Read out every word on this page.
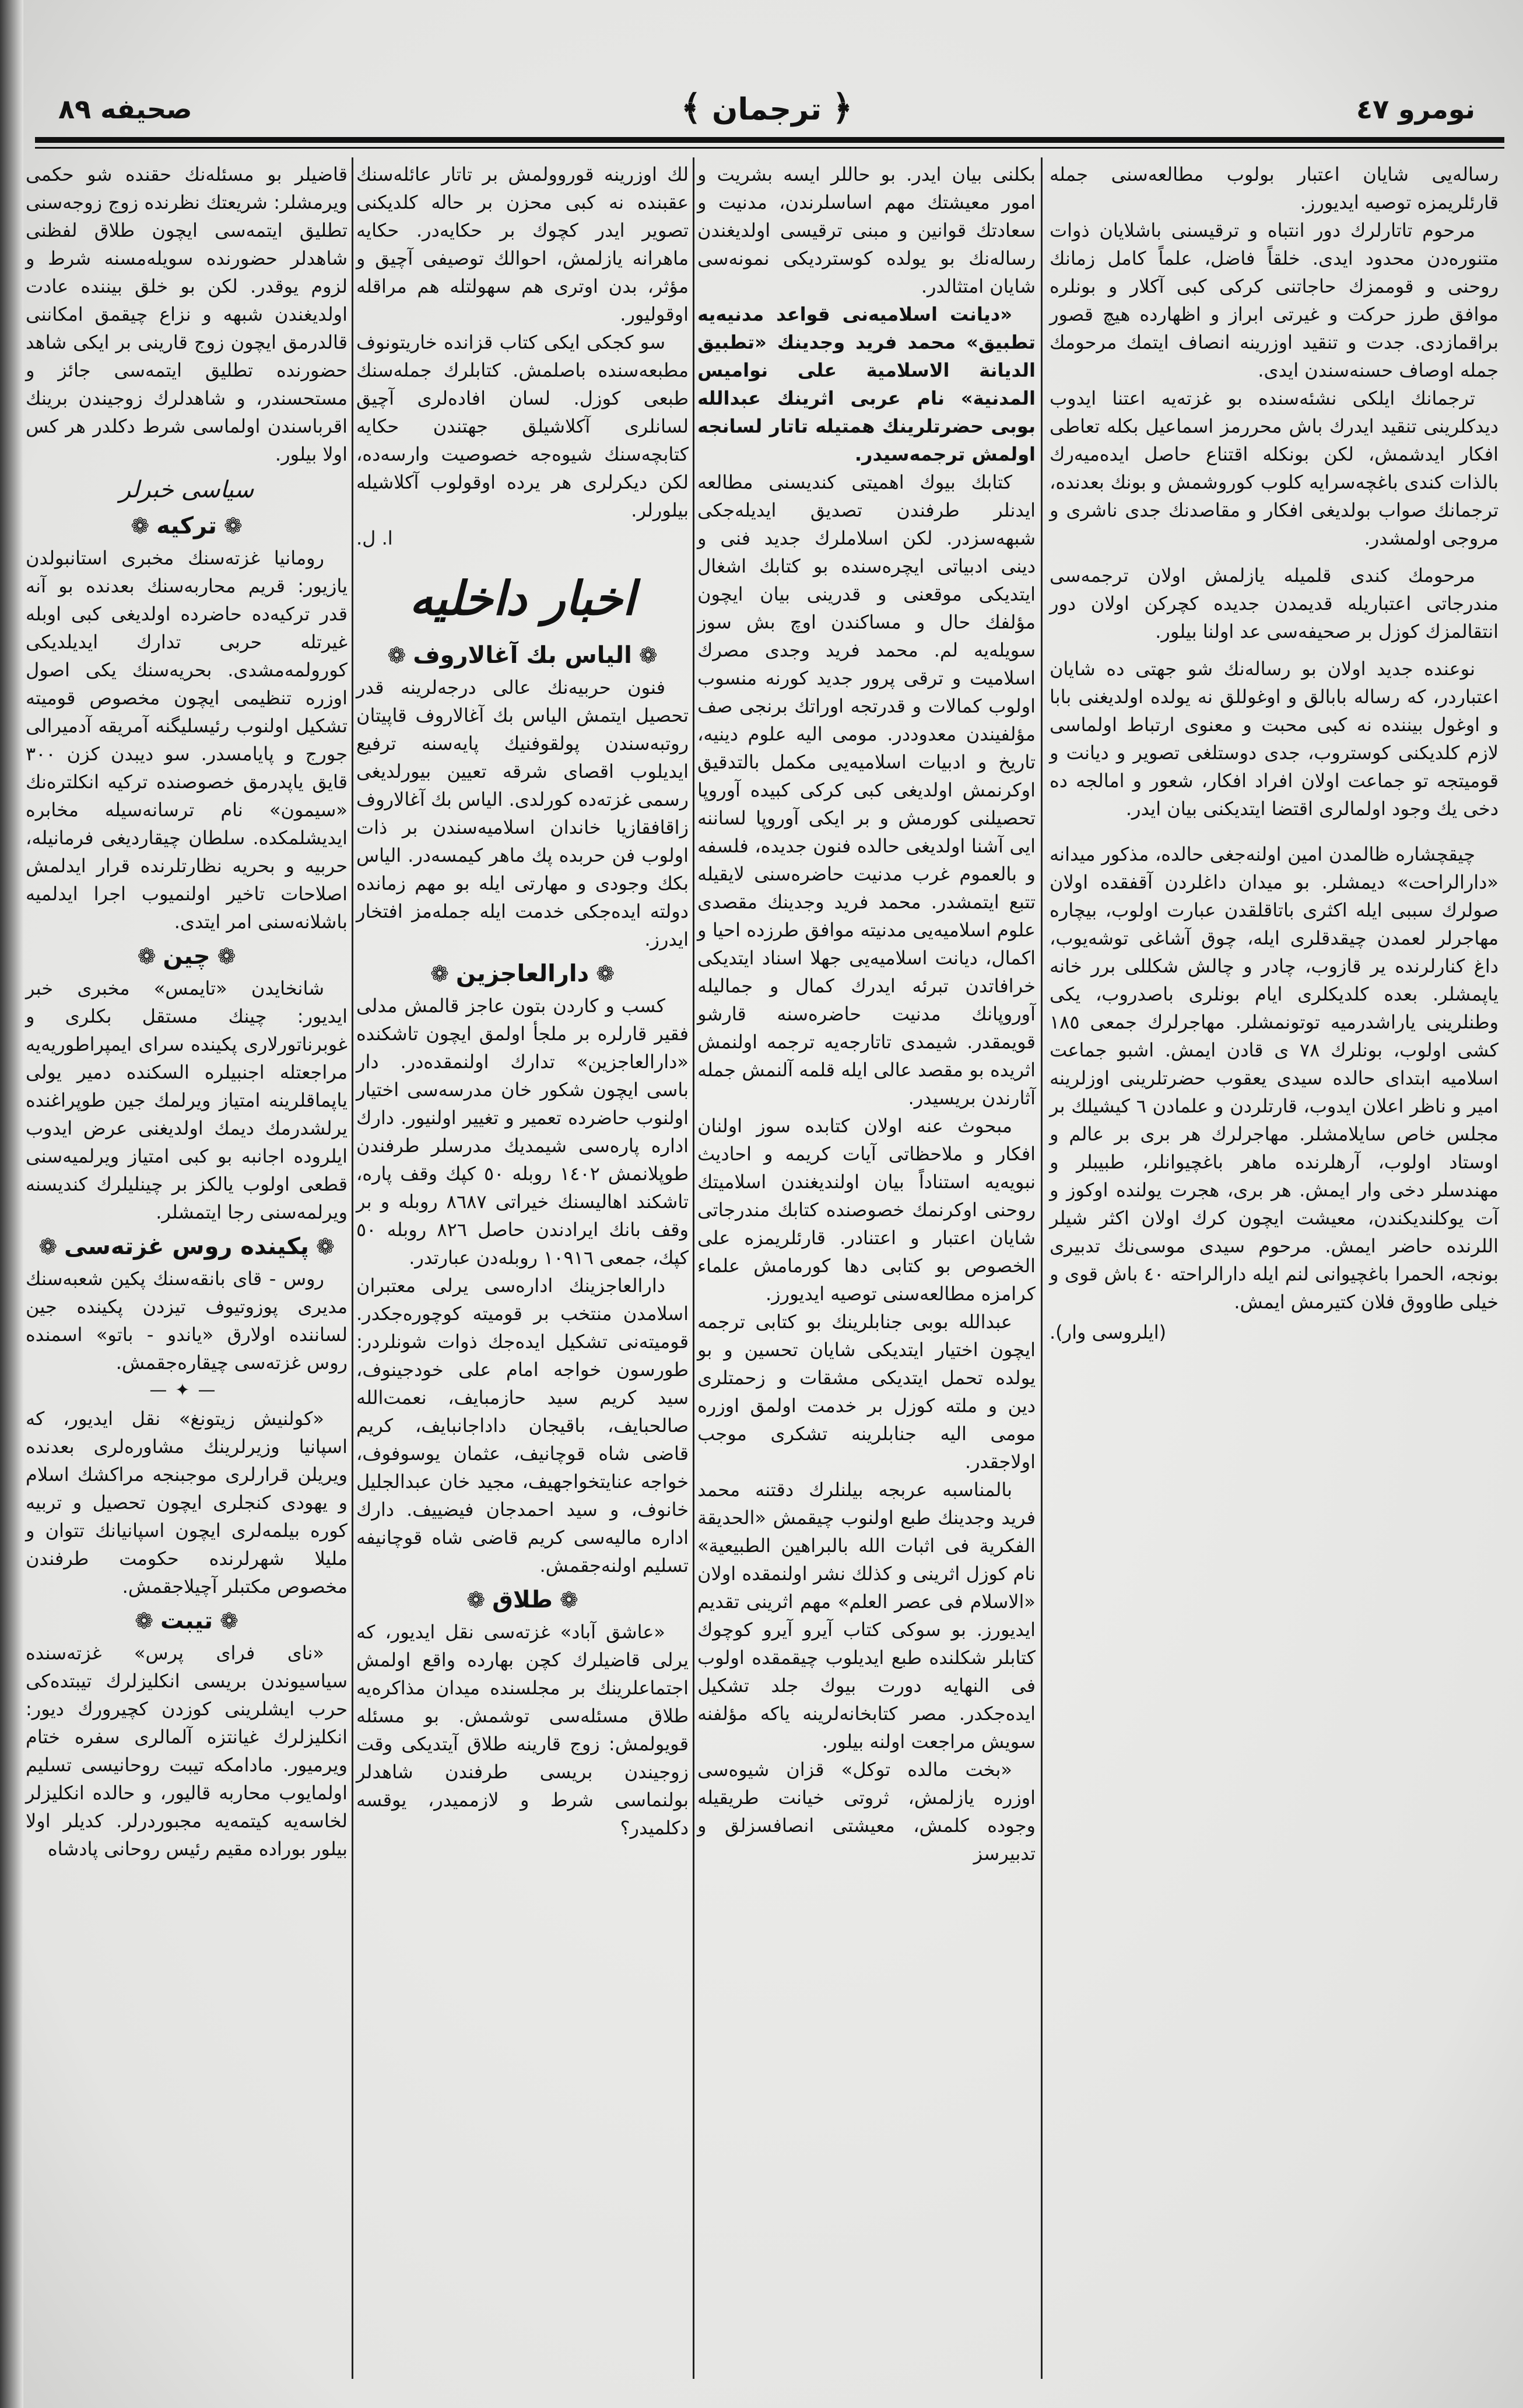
نومرو ٤٧
﴿ ترجمان ﴾
صحیفه ٨٩

رساله‌یی شایان اعتبار بولوب مطالعه‌سنی جمله قارئلریمزه توصیه ایدیورز.

مرحوم تاتارلرك دور انتباه و ترقیسنی باشلایان ذوات متنوره‌دن محدود ایدی. خلقاً فاضل، علماً كامل زمانك روحنی و قوممزك حاجاتنی كركی كبی آكلار و بونلره موافق طرز حركت و غیرتی ابراز و اظهارده هیچ قصور براقمازدی. جدت و تنقید اوزرینه انصاف ایتمك مرحومك جمله اوصاف حسنه‌سندن ایدی.

ترجمانك ایلكی نشئه‌سنده بو غزته‌یه اعتنا ایدوب دیدكلرینی تنقید ایدرك باش محررمز اسماعیل بكله تعاطی افكار ایدشمش، لكن بونكله اقتناع حاصل ایده‌میه‌رك بالذات كندی باغچه‌سرایه كلوب كوروشمش و بونك بعدنده، ترجمانك صواب بولدیغی افكار و مقاصدنك جدی ناشری و مروجی اولمشدر.

مرحومك كندی قلمیله یازلمش اولان ترجمه‌سی مندرجاتی اعتباریله قدیمدن جدیده كچركن اولان دور انتقالمزك كوزل بر صحیفه‌سی عد اولنا بیلور.

نوعنده جدید اولان بو رساله‌نك شو جهتی ده شایان اعتباردر، كه رساله بابالق و اوغوللق نه یولده اولدیغنی بابا و اوغول بیننده نه كبی محبت و معنوی ارتباط اولماسی لازم كلدیكنی كوستروب، جدی دوستلغی تصویر و دیانت و قومیتجه تو جماعت اولان افراد افكار، شعور و امالجه ده دخی یك وجود اولمالری اقتضا ایتدیكنی بیان ایدر.

چیقچشاره ظالمدن امین اولنه‌جغی حالده، مذكور میدانه «دارالراحت» دیمشلر. بو میدان داغلردن آقفقده اولان صولرك سببی ایله اكثری باتاقلقدن عبارت اولوب، بیچاره مهاجرلر لعمدن چیقدقلری ایله، چوق آشاغی توشه‌یوب، داغ كنارلرنده یر قازوب، چادر و چالش شكللی برر خانه یاپمشلر. بعده كلدیكلری ایام بونلری باصدروب، یكی وطنلرینی یاراشدرمیه توتونمشلر. مهاجرلرك جمعی ١٨٥ كشی اولوب، بونلرك ٧٨ ی قادن ایمش. اشبو جماعت اسلامیه ابتدای حالده سیدی یعقوب حضرتلرینی اوزلرینه امیر و ناظر اعلان ایدوب، قارتلردن و علمادن ٦ كیشیلك بر مجلس خاص سایلامشلر. مهاجرلرك هر بری بر عالم و اوستاد اولوب، آرهلرنده ماهر باغچیوانلر، طبیبلر و مهندسلر دخی وار ایمش. هر بری، هجرت یولنده اوكوز و آت یوكلندیكندن، معیشت ایچون كرك اولان اكثر شیلر اللرنده حاضر ایمش. مرحوم سیدی موسی‌نك تدبیری بونجه، الحمرا باغچیوانی لنم ایله دارالراحته ٤٠ باش قوی و خیلی طاووق فلان كتیرمش ایمش.

(ایلروسی وار).

بكلنی بیان ایدر. بو حاللر ایسه بشریت و امور معیشتك مهم اساسلرندن، مدنیت و سعادتك قوانین و مبنی ترقیسی اولدیغندن رساله‌نك بو یولده كوستردیكی نمونه‌سی شایان امتثالدر.

«دیانت اسلامیه‌نی قواعد مدنیه‌یه تطبیق» محمد فرید وجدینك «تطبیق الدیانة الاسلامیة علی نوامیس المدنیة» نام عربی اثرینك عبدالله بوبی حضرتلرینك همتیله تاتار لسانجه اولمش ترجمه‌سیدر.

كتابك بیوك اهمیتی كندیسنی مطالعه ایدنلر طرفندن تصدیق ایدیله‌جكی شبهه‌سزدر. لكن اسلاملرك جدید فنی و دینی ادبیاتی ایچره‌سنده بو كتابك اشغال ایتدیكی موقعنی و قدرینی بیان ایچون مؤلفك حال و مساكندن اوچ بش سوز سویله‌یه لم. محمد فرید وجدی مصرك اسلامیت و ترقی پرور جدید كورنه منسوب اولوب كمالات و قدرتجه اوراتك برنجی صف مؤلفیندن معدوددر. مومی الیه علوم دینیه، تاریخ و ادبیات اسلامیه‌یی مكمل بالتدقیق اوكرنمش اولدیغی كبی كركی كبیده آوروپا تحصیلنی كورمش و بر ایكی آوروپا لساننه ایی آشنا اولدیغی حالده فنون جدیده، فلسفه و بالعموم غرب مدنیت حاضره‌سنی لایقیله تتبع ایتمشدر. محمد فرید وجدینك مقصدی علوم اسلامیه‌یی مدنیته موافق طرزده احیا و اكمال، دیانت اسلامیه‌یی جهلا اسناد ایتدیكی خرافاتدن تبرئه ایدرك كمال و جمالیله آوروپانك مدنیت حاضره‌سنه قارشو قویمقدر. شیمدی تاتارجه‌یه ترجمه اولنمش اثریده بو مقصد عالی ایله قلمه آلنمش جمله آثارندن بریسیدر.

مبحوث عنه اولان كتابده سوز اولنان افكار و ملاحظاتی آیات كریمه و احادیث نبویه‌یه استناداً بیان اولندیغندن اسلامیتك روحنی اوكرنمك خصوصنده كتابك مندرجاتی شایان اعتبار و اعتنادر. قارئلریمزه علی الخصوص بو كتابی دها كورمامش علماء كرامزه مطالعه‌سنی توصیه ایدیورز.

عبدالله بوبی جنابلرینك بو كتابی ترجمه ایچون اختیار ایتدیكی شایان تحسین و بو یولده تحمل ایتدیكی مشقات و زحمتلری دین و ملته كوزل بر خدمت اولمق اوزره مومی الیه جنابلرینه تشكری موجب اولاجقدر.

بالمناسبه عربجه بیلنلرك دقتنه محمد فرید وجدینك طبع اولنوب چیقمش «الحدیقة الفكریة فی اثبات الله بالبراهین الطبیعیة» نام كوزل اثرینی و كذلك نشر اولنمقده اولان «الاسلام فی عصر العلم» مهم اثرینی تقدیم ایدیورز. بو سوكی كتاب آیرو آیرو كوچوك كتابلر شكلنده طبع ایدیلوب چیقمقده اولوب فی النهایه دورت بیوك جلد تشكیل ایده‌جكدر. مصر كتابخانه‌لرینه یاكه مؤلفنه سویش مراجعت اولنه بیلور.

«بخت مالده توكل» قزان شیوه‌سی اوزره یازلمش، ثروتی خیانت طریقیله وجوده كلمش، معیشتی انصافسزلق و تدبیرسز

لك اوزرینه قوروولمش بر تاتار عائله‌سنك عقبنده نه كبی محزن بر حاله كلدیكنی تصویر ایدر كچوك بر حكایه‌در. حكایه ماهرانه یازلمش، احوالك توصیفی آچیق و مؤثر، بدن اوتری هم سهولتله هم مراقله اوقولیور.

سو كجكی ایكی كتاب قزانده خاریتونوف مطبعه‌سنده باصلمش. كتابلرك جمله‌سنك طبعی كوزل. لسان افاده‌لری آچیق لسانلری آكلاشیلق جهتندن حكایه كتابچه‌سنك شیوه‌جه خصوصیت وارسه‌ده، لكن دیكرلری هر یرده اوقولوب آكلاشیله بیلورلر.

ا. ل.

اخبار داخلیه
❁الیاس بك آغالاروف❁

فنون حربیه‌نك عالی درجه‌لرینه قدر تحصیل ایتمش الیاس بك آغالاروف قاپیتان روتبه‌سندن پولقوفنیك پایه‌سنه ترفیع ایدیلوب اقصای شرقه تعیین بیورلدیغی رسمی غزته‌ده كورلدی. الیاس بك آغالاروف زاقافقازیا خاندان اسلامیه‌سندن بر ذات اولوب فن حربده پك ماهر كیمسه‌در. الیاس بكك وجودی و مهارتی ایله بو مهم زمانده دولته ایده‌جكی خدمت ایله جمله‌مز افتخار ایدرز.

❁دارالعاجزین❁

كسب و كاردن بتون عاجز قالمش مدلی فقیر قارلره بر ملجأ اولمق ایچون تاشكنده «دارالعاجزین» تدارك اولنمقده‌در. دار باسی ایچون شكور خان مدرسه‌سی اختیار اولنوب حاضرده تعمیر و تغییر اولنیور. دارك اداره پاره‌سی شیمدیك مدرسلر طرفندن طوپلانمش ١٤٠٢ روبله ٥٠ كپك وقف پاره، تاشكند اهالیسنك خیراتی ٨٦٨٧ روبله و بر وقف بانك ایرادندن حاصل ٨٢٦ روبله ٥٠ كپك، جمعی ١٠٩١٦ روبله‌دن عبارتدر.

دارالعاجزینك اداره‌سی یرلی معتبران اسلامدن منتخب بر قومیته كوچوره‌جكدر. قومیته‌نی تشكیل ایده‌جك ذوات شونلردر: طورسون خواجه امام علی خودجینوف، سید كریم سید حازمبایف، نعمت‌الله صالحبایف، باقیجان داداجانبایف، كریم قاضی شاه قوچانیف، عثمان یوسوفوف، خواجه عنایتخواجهیف، مجید خان عبدالجلیل خانوف، و سید احمدجان فیضییف. دارك اداره مالیه‌سی كریم قاضی شاه قوچانیفه تسلیم اولنه‌جقمش.

❁طلاق❁

«عاشق آباد» غزته‌سی نقل ایدیور، كه یرلی قاضیلرك كچن بهارده واقع اولمش اجتماعلرینك بر مجلسنده میدان مذاكره‌یه طلاق مسئله‌سی توشمش. بو مسئله قویولمش: زوج قارینه طلاق آیتدیكی وقت زوجیندن بریسی طرفندن شاهدلر بولنماسی شرط و لازممیدر، یوقسه دكلمیدر؟

قاضیلر بو مسئله‌نك حقنده شو حكمی ویرمشلر: شریعتك نظرنده زوج زوجه‌سنی تطلیق ایتمه‌سی ایچون طلاق لفظنی شاهدلر حضورنده سویله‌مسنه شرط و لزوم یوقدر. لكن بو خلق بیننده عادت اولدیغندن شبهه و نزاع چیقمق امكاننی قالدرمق ایچون زوج قارینی بر ایكی شاهد حضورنده تطلیق ایتمه‌سی جائز و مستحسندر، و شاهدلرك زوجیندن برینك اقرباسندن اولماسی شرط دكلدر هر كس اولا بیلور.

سیاسی خبرلر
❁تركیه❁

رومانیا غزته‌سنك مخبری استانبولدن یازیور: قریم محاربه‌سنك بعدنده بو آنه قدر تركیه‌ده حاضرده اولدیغی كبی اوبله غیرتله حربی تدارك ایدیلدیكی كورولمه‌مشدی. بحریه‌سنك یكی اصول اوزره تنظیمی ایچون مخصوص قومیته تشكیل اولنوب رئیسلیگنه آمریقه آدمیرالی جورج و پایامسدر. سو دیبدن كزن ٣٠٠ قایق یاپدرمق خصوصنده تركیه انكلتره‌نك «سیمون» نام ترسانه‌سیله مخابره ایدیشلمكده. سلطان چیقاردیغی فرمانیله، حربیه و بحریه نظارتلرنده قرار ایدلمش اصلاحات تاخیر اولنمیوب اجرا ایدلمیه باشلانه‌سنی امر ایتدی.

❁چین❁

شانخایدن «تایمس» مخبری خبر ایدیور: چینك مستقل بكلری و غوبرناتورلاری پكینده سرای ایمپراطوریه‌یه مراجعتله اجنبیلره السكنده دمیر یولی یاپماقلرینه امتیاز ویرلمك جین طوپراغنده یرلشدرمك دیمك اولدیغنی عرض ایدوب ایلروده اجانبه بو كبی امتیاز ویرلمیه‌سنی قطعی اولوب یالكز بر چینلیلرك كندیسنه ویرلمه‌سنی رجا ایتمشلر.

❁پكینده روس غزته‌سی❁

روس - قای بانقه‌سنك پكین شعبه‌سنك مدیری پوزوتیوف تیزدن پكینده جین لساننده اولارق «یاندو - باتو» اسمنده روس غزته‌سی چیقاره‌جقمش.

—✦—

«كولنیش زیتونغ» نقل ایدیور، كه اسپانیا وزیرلرینك مشاوره‌لری بعدنده ویریلن قرارلری موجبنجه مراكشك اسلام و یهودی كنجلری ایچون تحصیل و تربیه كوره بیلمه‌لری ایچون اسپانیانك تتوان و ملیلا شهرلرنده حكومت طرفندن مخصوص مكتبلر آچیلاجقمش.

❁تیبت❁

«نای فرای پرس» غزته‌سنده سیاسیوندن بریسی انكلیزلرك تیبتده‌كی حرب ایشلرینی كوزدن كچیرورك دیور: انكلیزلرك غیانتزه آلمالری سفره ختام ویرمیور. مادامكه تیبت روحانیسی تسلیم اولمایوب محاربه قالیور، و حالده انكلیزلر لخاسه‌یه كیتمه‌یه مجبوردرلر. كدیلر اولا بیلور بوراده مقیم رئیس روحانی پادشاه
